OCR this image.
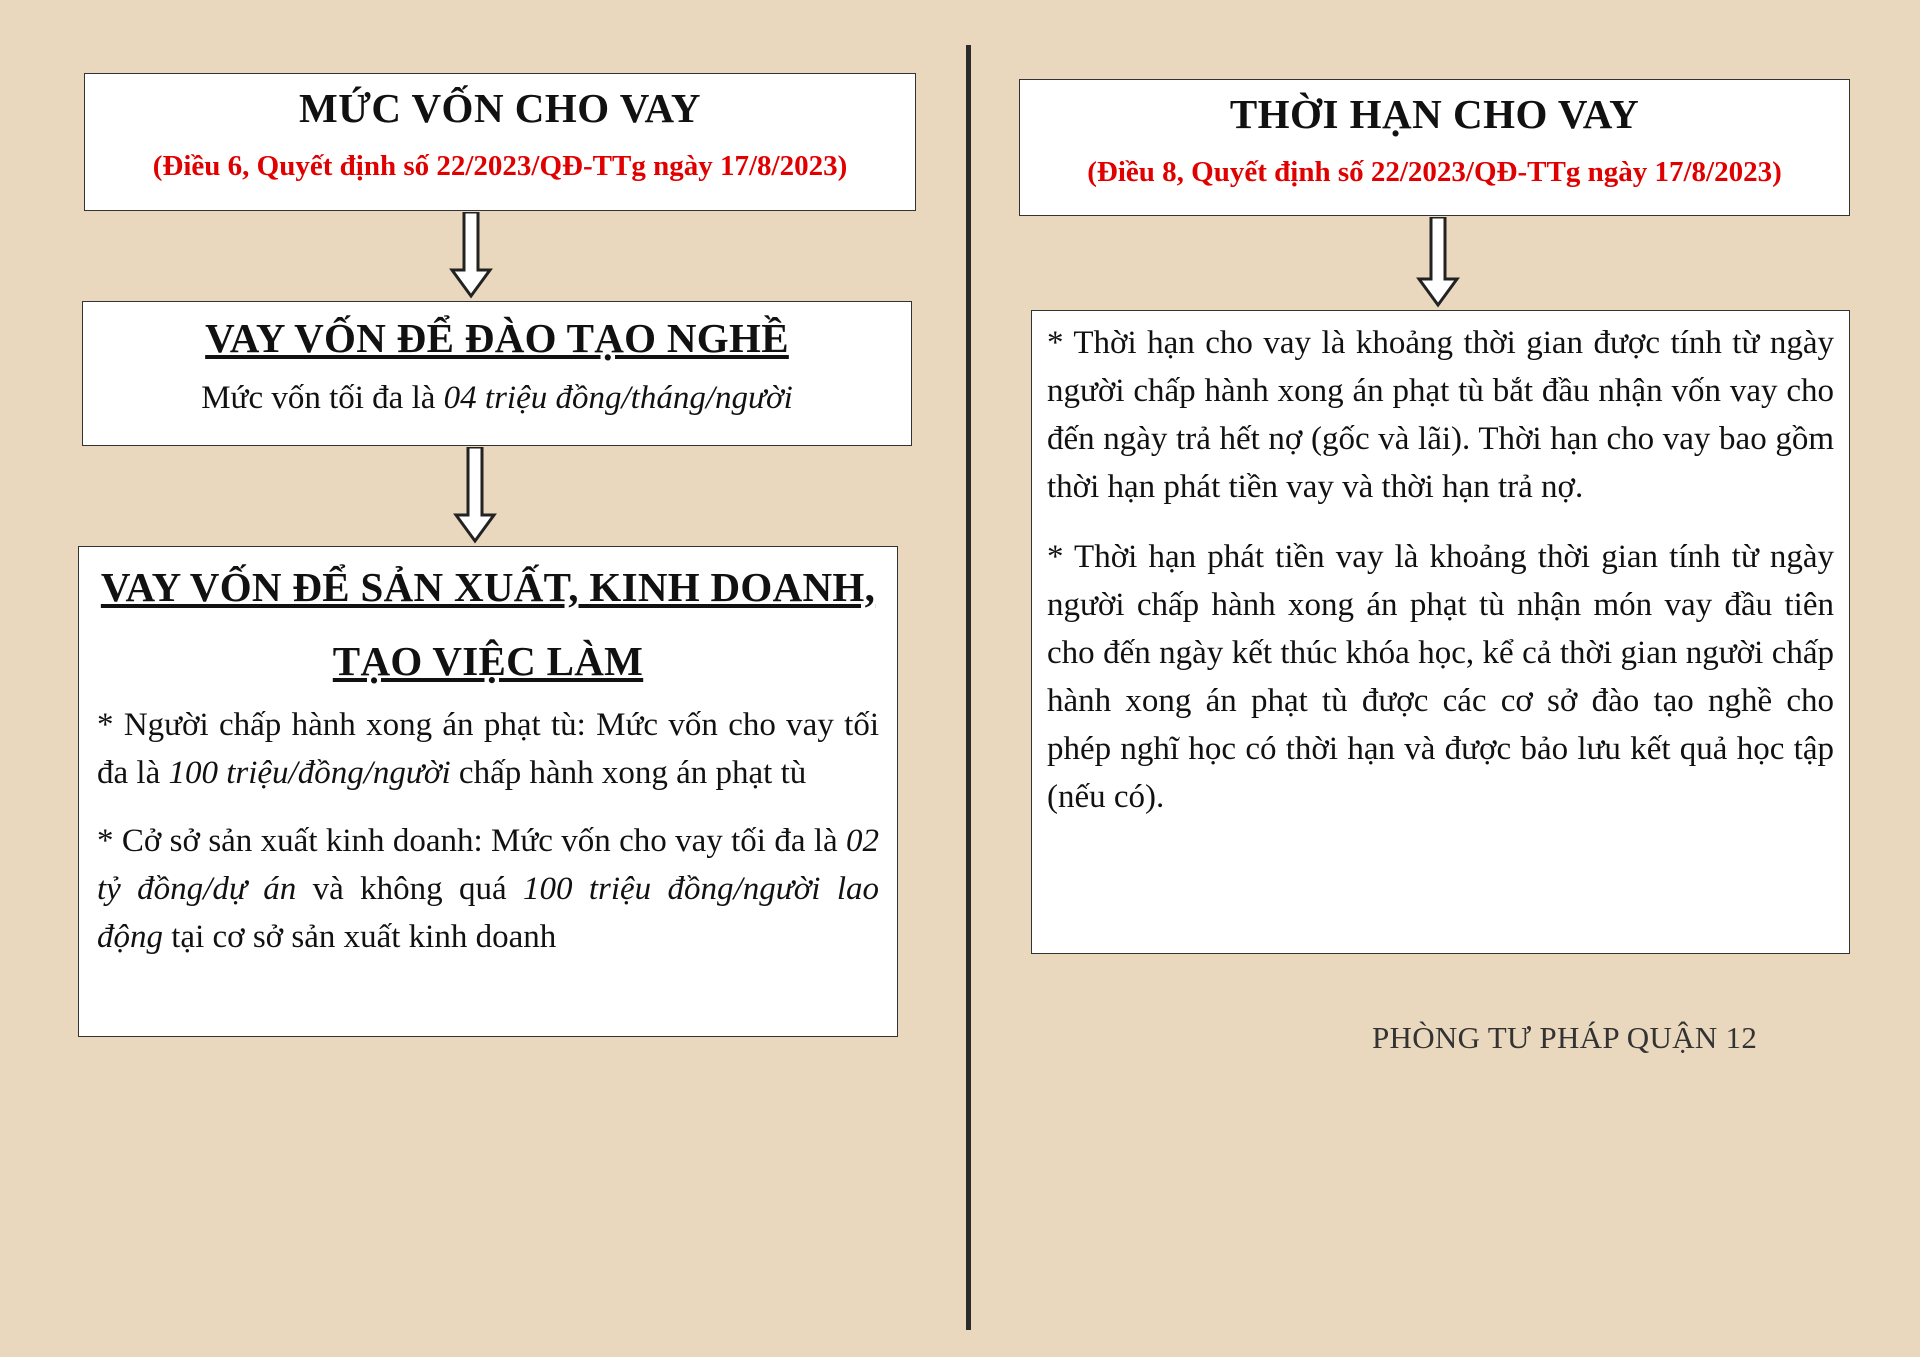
MỨC VỐN CHO VAY
(Điều 6, Quyết định số 22/2023/QĐ-TTg ngày 17/8/2023)
VAY VỐN ĐỂ ĐÀO TẠO NGHỀ
Mức vốn tối đa là 04 triệu đồng/tháng/người
VAY VỐN ĐỂ SẢN XUẤT, KINH DOANH,
TẠO VIỆC LÀM
* Người chấp hành xong án phạt tù: Mức vốn cho vay tối đa là 100 triệu/đồng/người chấp hành xong án phạt tù
* Cở sở sản xuất kinh doanh: Mức vốn cho vay tối đa là 02 tỷ đồng/dự án và không quá 100 triệu đồng/người lao động tại cơ sở sản xuất kinh doanh
THỜI HẠN CHO VAY
(Điều 8, Quyết định số 22/2023/QĐ-TTg ngày 17/8/2023)
* Thời hạn cho vay là khoảng thời gian được tính từ ngày người chấp hành xong án phạt tù bắt đầu nhận vốn vay cho đến ngày trả hết nợ (gốc và lãi). Thời hạn cho vay bao gồm thời hạn phát tiền vay và thời hạn trả nợ.
* Thời hạn phát tiền vay là khoảng thời gian tính từ ngày người chấp hành xong án phạt tù nhận món vay đầu tiên cho đến ngày kết thúc khóa học, kể cả thời gian người chấp hành xong án phạt tù được các cơ sở đào tạo nghề cho phép nghĩ học có thời hạn và được bảo lưu kết quả học tập (nếu có).
PHÒNG TƯ PHÁP QUẬN 12
